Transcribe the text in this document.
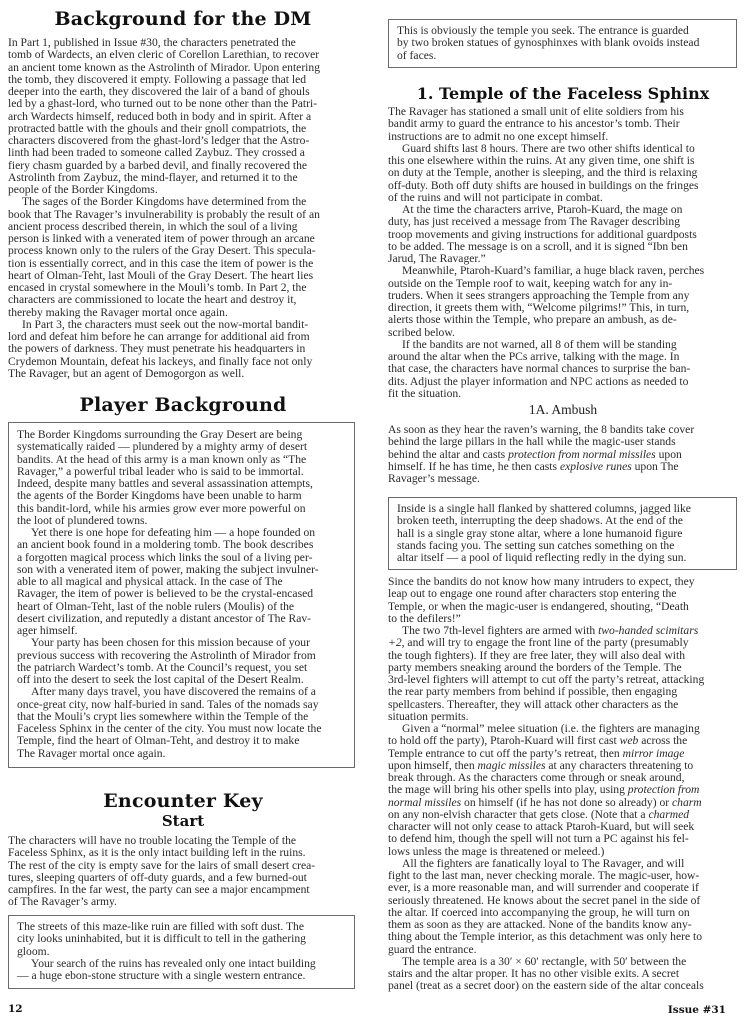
Background for the DM
In Part 1, published in Issue #30, the characters penetrated the
tomb of Wardects, an elven cleric of Corellon Larethian, to recover
an ancient tome known as the Astrolinth of Mirador. Upon entering
the tomb, they discovered it empty. Following a passage that led
deeper into the earth, they discovered the lair of a band of ghouls
led by a ghast-lord, who turned out to be none other than the Patri-
arch Wardects himself, reduced both in body and in spirit. After a
protracted battle with the ghouls and their gnoll compatriots, the
characters discovered from the ghast-lord’s ledger that the Astro-
linth had been traded to someone called Zaybuz. They crossed a
fiery chasm guarded by a barbed devil, and finally recovered the
Astrolinth from Zaybuz, the mind-flayer, and returned it to the
people of the Border Kingdoms.
The sages of the Border Kingdoms have determined from the
book that The Ravager’s invulnerability is probably the result of an
ancient process described therein, in which the soul of a living
person is linked with a venerated item of power through an arcane
process known only to the rulers of the Gray Desert. This specula-
tion is essentially correct, and in this case the item of power is the
heart of Olman-Teht, last Mouli of the Gray Desert. The heart lies
encased in crystal somewhere in the Mouli’s tomb. In Part 2, the
characters are commissioned to locate the heart and destroy it,
thereby making the Ravager mortal once again.
In Part 3, the characters must seek out the now-mortal bandit-
lord and defeat him before he can arrange for additional aid from
the powers of darkness. They must penetrate his headquarters in
Crydemon Mountain, defeat his lackeys, and finally face not only
The Ravager, but an agent of Demogorgon as well.
Player Background
The Border Kingdoms surrounding the Gray Desert are being
systematically raided — plundered by a mighty army of desert
bandits. At the head of this army is a man known only as “The
Ravager,” a powerful tribal leader who is said to be immortal.
Indeed, despite many battles and several assassination attempts,
the agents of the Border Kingdoms have been unable to harm
this bandit-lord, while his armies grow ever more powerful on
the loot of plundered towns.
Yet there is one hope for defeating him — a hope founded on
an ancient book found in a moldering tomb. The book describes
a forgotten magical process which links the soul of a living per-
son with a venerated item of power, making the subject invulner-
able to all magical and physical attack. In the case of The
Ravager, the item of power is believed to be the crystal-encased
heart of Olman-Teht, last of the noble rulers (Moulis) of the
desert civilization, and reputedly a distant ancestor of The Rav-
ager himself.
Your party has been chosen for this mission because of your
previous success with recovering the Astrolinth of Mirador from
the patriarch Wardect’s tomb. At the Council’s request, you set
off into the desert to seek the lost capital of the Desert Realm.
After many days travel, you have discovered the remains of a
once-great city, now half-buried in sand. Tales of the nomads say
that the Mouli’s crypt lies somewhere within the Temple of the
Faceless Sphinx in the center of the city. You must now locate the
Temple, find the heart of Olman-Teht, and destroy it to make
The Ravager mortal once again.
Encounter Key
Start
The characters will have no trouble locating the Temple of the
Faceless Sphinx, as it is the only intact building left in the ruins.
The rest of the city is empty save for the lairs of small desert crea-
tures, sleeping quarters of off-duty guards, and a few burned-out
campfires. In the far west, the party can see a major encampment
of The Ravager’s army.
The streets of this maze-like ruin are filled with soft dust. The
city looks uninhabited, but it is difficult to tell in the gathering
gloom.
Your search of the ruins has revealed only one intact building
— a huge ebon-stone structure with a single western entrance.
12
This is obviously the temple you seek. The entrance is guarded
by two broken statues of gynosphinxes with blank ovoids instead
of faces.
1. Temple of the Faceless Sphinx
The Ravager has stationed a small unit of elite soldiers from his
bandit army to guard the entrance to his ancestor’s tomb. Their
instructions are to admit no one except himself.
Guard shifts last 8 hours. There are two other shifts identical to
this one elsewhere within the ruins. At any given time, one shift is
on duty at the Temple, another is sleeping, and the third is relaxing
off-duty. Both off duty shifts are housed in buildings on the fringes
of the ruins and will not participate in combat.
At the time the characters arrive, Ptaroh-Kuard, the mage on
duty, has just received a message from The Ravager describing
troop movements and giving instructions for additional guardposts
to be added. The message is on a scroll, and it is signed “Ibn ben
Jarud, The Ravager.”
Meanwhile, Ptaroh-Kuard’s familiar, a huge black raven, perches
outside on the Temple roof to wait, keeping watch for any in-
truders. When it sees strangers approaching the Temple from any
direction, it greets them with, “Welcome pilgrims!” This, in turn,
alerts those within the Temple, who prepare an ambush, as de-
scribed below.
If the bandits are not warned, all 8 of them will be standing
around the altar when the PCs arrive, talking with the mage. In
that case, the characters have normal chances to surprise the ban-
dits. Adjust the player information and NPC actions as needed to
fit the situation.
1A. Ambush
As soon as they hear the raven’s warning, the 8 bandits take cover
behind the large pillars in the hall while the magic-user stands
behind the altar and casts protection from normal missiles upon
himself. If he has time, he then casts explosive runes upon The
Ravager’s message.
Inside is a single hall flanked by shattered columns, jagged like
broken teeth, interrupting the deep shadows. At the end of the
hall is a single gray stone altar, where a lone humanoid figure
stands facing you. The setting sun catches something on the
altar itself — a pool of liquid reflecting redly in the dying sun.
Since the bandits do not know how many intruders to expect, they
leap out to engage one round after characters stop entering the
Temple, or when the magic-user is endangered, shouting, “Death
to the defilers!”
The two 7th-level fighters are armed with two-handed scimitars
+2, and will try to engage the front line of the party (presumably
the tough fighters). If they are free later, they will also deal with
party members sneaking around the borders of the Temple. The
3rd-level fighters will attempt to cut off the party’s retreat, attacking
the rear party members from behind if possible, then engaging
spellcasters. Thereafter, they will attack other characters as the
situation permits.
Given a “normal” melee situation (i.e. the fighters are managing
to hold off the party), Ptaroh-Kuard will first cast web across the
Temple entrance to cut off the party’s retreat, then mirror image
upon himself, then magic missiles at any characters threatening to
break through. As the characters come through or sneak around,
the mage will bring his other spells into play, using protection from
normal missiles on himself (if he has not done so already) or charm
on any non-elvish character that gets close. (Note that a charmed
character will not only cease to attack Ptaroh-Kuard, but will seek
to defend him, though the spell will not turn a PC against his fel-
lows unless the mage is threatened or meleed.)
All the fighters are fanatically loyal to The Ravager, and will
fight to the last man, never checking morale. The magic-user, how-
ever, is a more reasonable man, and will surrender and cooperate if
seriously threatened. He knows about the secret panel in the side of
the altar. If coerced into accompanying the group, he will turn on
them as soon as they are attacked. None of the bandits know any-
thing about the Temple interior, as this detachment was only here to
guard the entrance.
The temple area is a 30′ × 60′ rectangle, with 50′ between the
stairs and the altar proper. It has no other visible exits. A secret
panel (treat as a secret door) on the eastern side of the altar conceals
Issue #31
